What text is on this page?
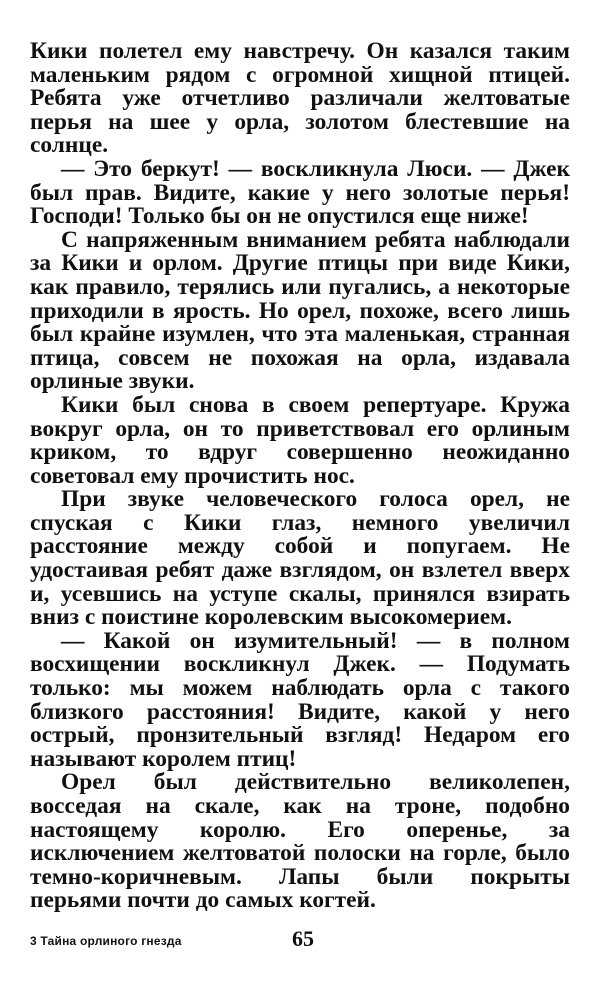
Кики полетел ему навстречу. Он казался таким маленьким рядом с огромной хищной птицей. Ребята уже отчетливо различали желтоватые перья на шее у орла, золотом блестевшие на солнце.

— Это беркут! — воскликнула Люси. — Джек был прав. Видите, какие у него золотые перья! Господи! Только бы он не опустился еще ниже!

С напряженным вниманием ребята наблюдали за Кики и орлом. Другие птицы при виде Кики, как правило, терялись или пугались, а некоторые приходили в ярость. Но орел, похоже, всего лишь был крайне изумлен, что эта маленькая, странная птица, совсем не похожая на орла, издавала орлиные звуки.

Кики был снова в своем репертуаре. Кружа вокруг орла, он то приветствовал его орлиным криком, то вдруг совершенно неожиданно советовал ему прочистить нос.

При звуке человеческого голоса орел, не спуская с Кики глаз, немного увеличил расстояние между собой и попугаем. Не удостаивая ребят даже взглядом, он взлетел вверх и, усевшись на уступе скалы, принялся взирать вниз с поистине королевским высокомерием.

— Какой он изумительный! — в полном восхищении воскликнул Джек. — Подумать только: мы можем наблюдать орла с такого близкого расстояния! Видите, какой у него острый, пронзительный взгляд! Недаром его называют королем птиц!

Орел был действительно великолепен, восседая на скале, как на троне, подобно настоящему королю. Его оперенье, за исключением желтоватой полоски на горле, было темно-коричневым. Лапы были покрыты перьями почти до самых когтей.

3 Тайна орлиного гнезда	65
